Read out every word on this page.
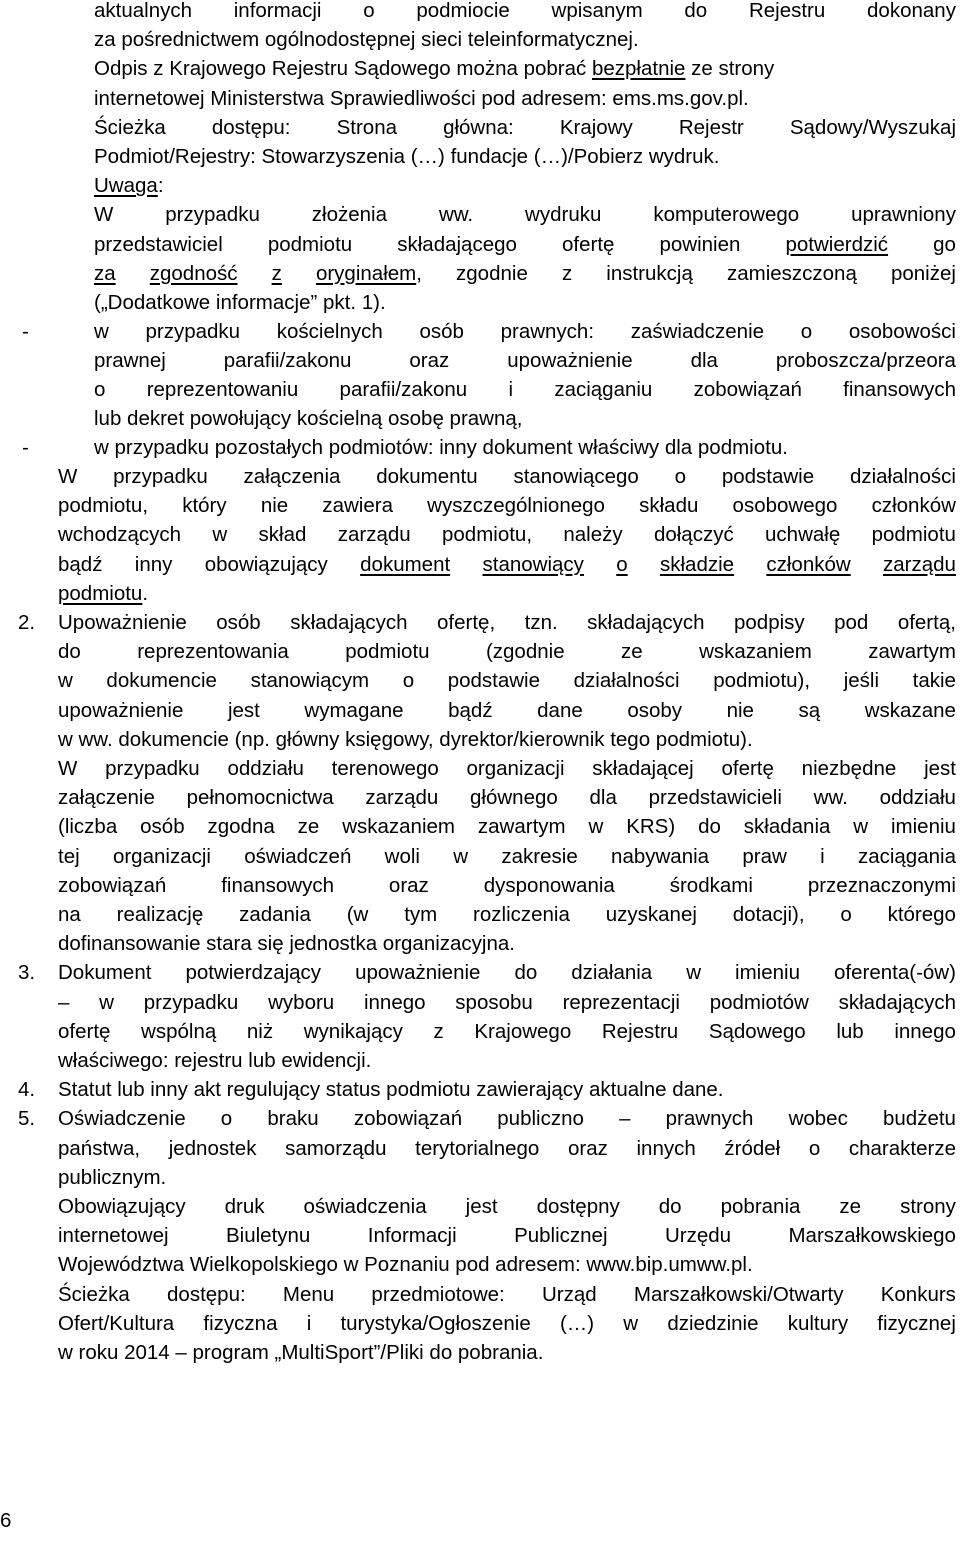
aktualnych informacji o podmiocie wpisanym do Rejestru dokonany
za pośrednictwem ogólnodostępnej sieci teleinformatycznej.
Odpis z Krajowego Rejestru Sądowego można pobrać bezpłatnie ze strony
internetowej Ministerstwa Sprawiedliwości pod adresem: ems.ms.gov.pl.
Ścieżka dostępu: Strona główna: Krajowy Rejestr Sądowy/Wyszukaj
Podmiot/Rejestry: Stowarzyszenia (…) fundacje (…)/Pobierz wydruk.
Uwaga:
W	przypadku	złożenia	ww.	wydruku	komputerowego	uprawniony
przedstawiciel podmiotu składającego ofertę powinien potwierdzić go
za zgodność z oryginałem, zgodnie z instrukcją zamieszczoną poniżej
(„Dodatkowe informacje” pkt. 1).
-	w przypadku kościelnych osób prawnych: zaświadczenie o osobowości
prawnej	parafii/zakonu	oraz	upoważnienie	dla	proboszcza/przeora
o reprezentowaniu parafii/zakonu i zaciąganiu zobowiązań finansowych
lub dekret powołujący kościelną osobę prawną,
-	w przypadku pozostałych podmiotów: inny dokument właściwy dla podmiotu.
W przypadku załączenia dokumentu stanowiącego o podstawie działalności
podmiotu, który nie zawiera wyszczególnionego składu osobowego członków
wchodzących w skład zarządu podmiotu, należy dołączyć uchwałę podmiotu
bądź inny obowiązujący dokument stanowiący o składzie członków zarządu
podmiotu.
2. Upoważnienie osób składających ofertę, tzn. składających podpisy pod ofertą,
do	reprezentowania	podmiotu	(zgodnie	ze	wskazaniem	zawartym
w dokumencie stanowiącym o podstawie działalności podmiotu), jeśli takie
upoważnienie jest wymagane bądź dane osoby nie są wskazane
w ww. dokumencie (np. główny księgowy, dyrektor/kierownik tego podmiotu).
W przypadku oddziału terenowego organizacji składającej ofertę niezbędne jest
załączenie pełnomocnictwa zarządu głównego dla przedstawicieli ww. oddziału
(liczba osób zgodna ze wskazaniem zawartym w KRS) do składania w imieniu
tej organizacji oświadczeń woli w zakresie nabywania praw i zaciągania
zobowiązań	finansowych	oraz	dysponowania	środkami	przeznaczonymi
na realizację zadania (w tym rozliczenia uzyskanej dotacji), o którego
dofinansowanie stara się jednostka organizacyjna.
3. Dokument potwierdzający upoważnienie do działania w imieniu oferenta(-ów)
– w przypadku wyboru innego sposobu reprezentacji podmiotów składających
ofertę wspólną niż wynikający z Krajowego Rejestru Sądowego lub innego
właściwego: rejestru lub ewidencji.
4. Statut lub inny akt regulujący status podmiotu zawierający aktualne dane.
5. Oświadczenie o braku zobowiązań publiczno – prawnych wobec budżetu
państwa, jednostek samorządu terytorialnego oraz innych źródeł o charakterze
publicznym.
Obowiązujący druk oświadczenia jest dostępny do pobrania ze strony
internetowej	Biuletynu	Informacji	Publicznej	Urzędu	Marszałkowskiego
Województwa Wielkopolskiego w Poznaniu pod adresem: www.bip.umww.pl.
Ścieżka dostępu: Menu przedmiotowe: Urząd Marszałkowski/Otwarty Konkurs
Ofert/Kultura fizyczna i turystyka/Ogłoszenie (…) w dziedzinie kultury fizycznej
w roku 2014 – program „MultiSport”/Pliki do pobrania.
6
